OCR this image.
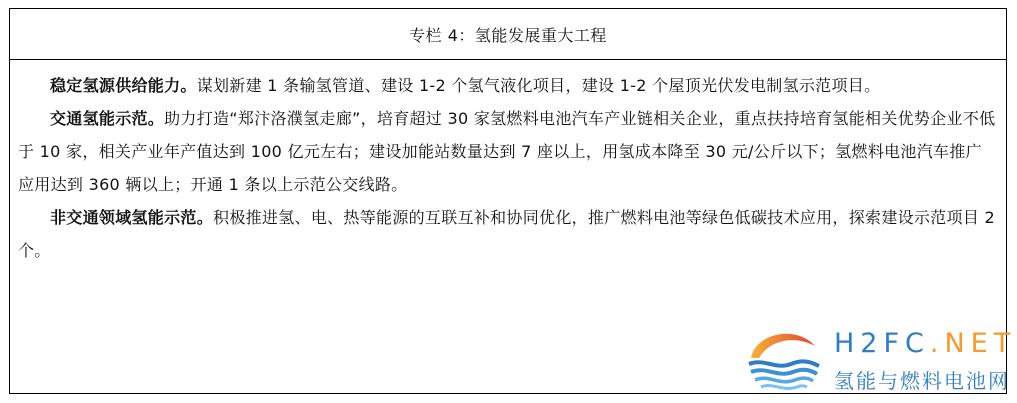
专栏 4：氢能发展重大工程

稳定氢源供给能力。谋划新建 1 条输氢管道、建设 1-2 个氢气液化项目，建设 1-2 个屋顶光伏发电制氢示范项目。

交通氢能示范。助力打造“郑汴洛濮氢走廊”，培育超过 30 家氢燃料电池汽车产业链相关企业，重点扶持培育氢能相关优势企业不低于 10 家，相关产业年产值达到 100 亿元左右；建设加能站数量达到 7 座以上，用氢成本降至 30 元/公斤以下；氢燃料电池汽车推广应用达到 360 辆以上；开通 1 条以上示范公交线路。

非交通领域氢能示范。积极推进氢、电、热等能源的互联互补和协同优化，推广燃料电池等绿色低碳技术应用，探索建设示范项目 2 个。

H2FC.NET
氢能与燃料电池网
